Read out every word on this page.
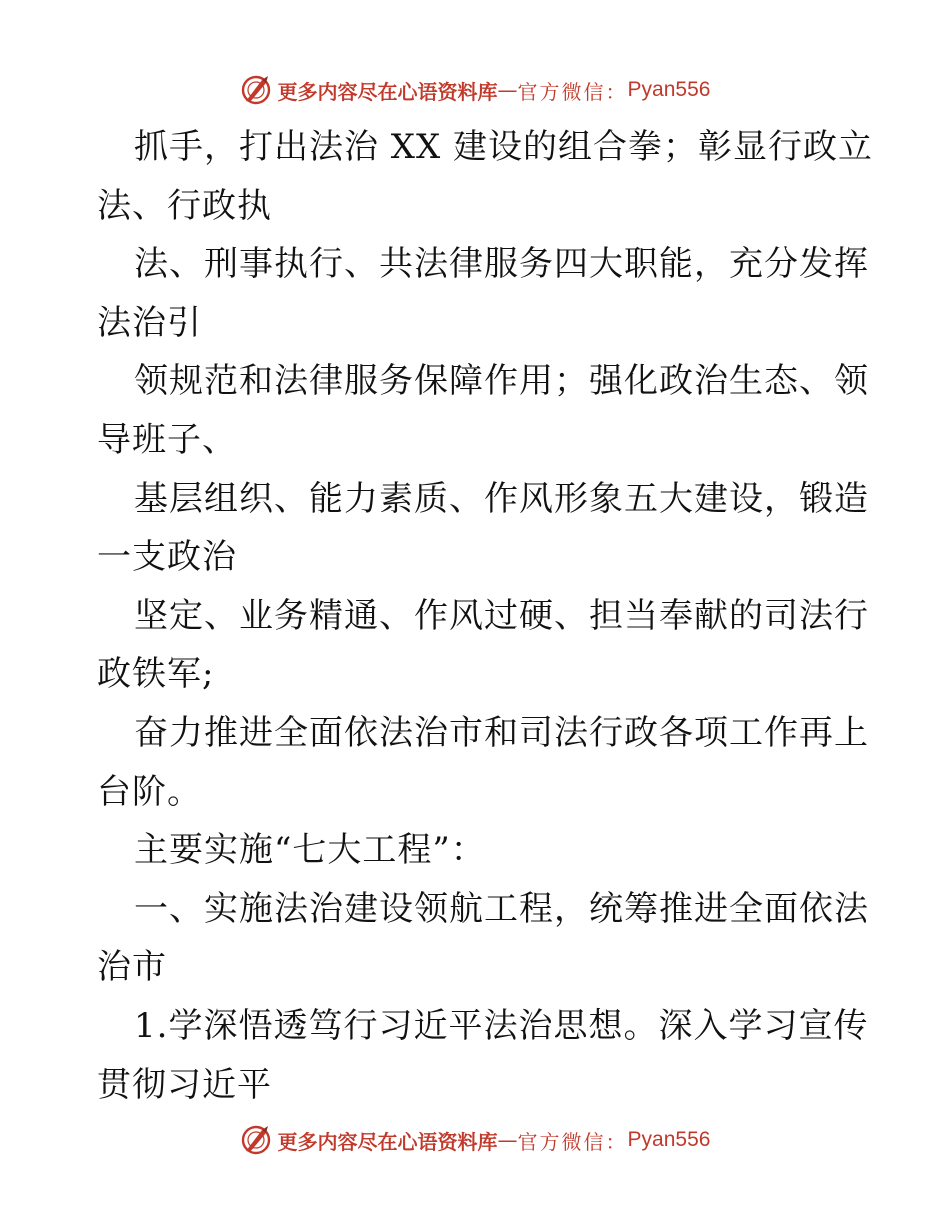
更多内容尽在心语资料库 — 官方微信： Pyan556
抓手，打出法治 XX 建设的组合拳；彰显行政立
法、行政执
法、刑事执行、共法律服务四大职能，充分发挥
法治引
领规范和法律服务保障作用；强化政治生态、领
导班子、
基层组织、能力素质、作风形象五大建设，锻造
一支政治
坚定、业务精通、作风过硬、担当奉献的司法行
政铁军;
奋力推进全面依法治市和司法行政各项工作再上
台阶。
主要实施“七大工程”：
一、实施法治建设领航工程，统筹推进全面依法
治市
1.学深悟透笃行习近平法治思想。深入学习宣传
贯彻习近平
更多内容尽在心语资料库 — 官方微信： Pyan556
